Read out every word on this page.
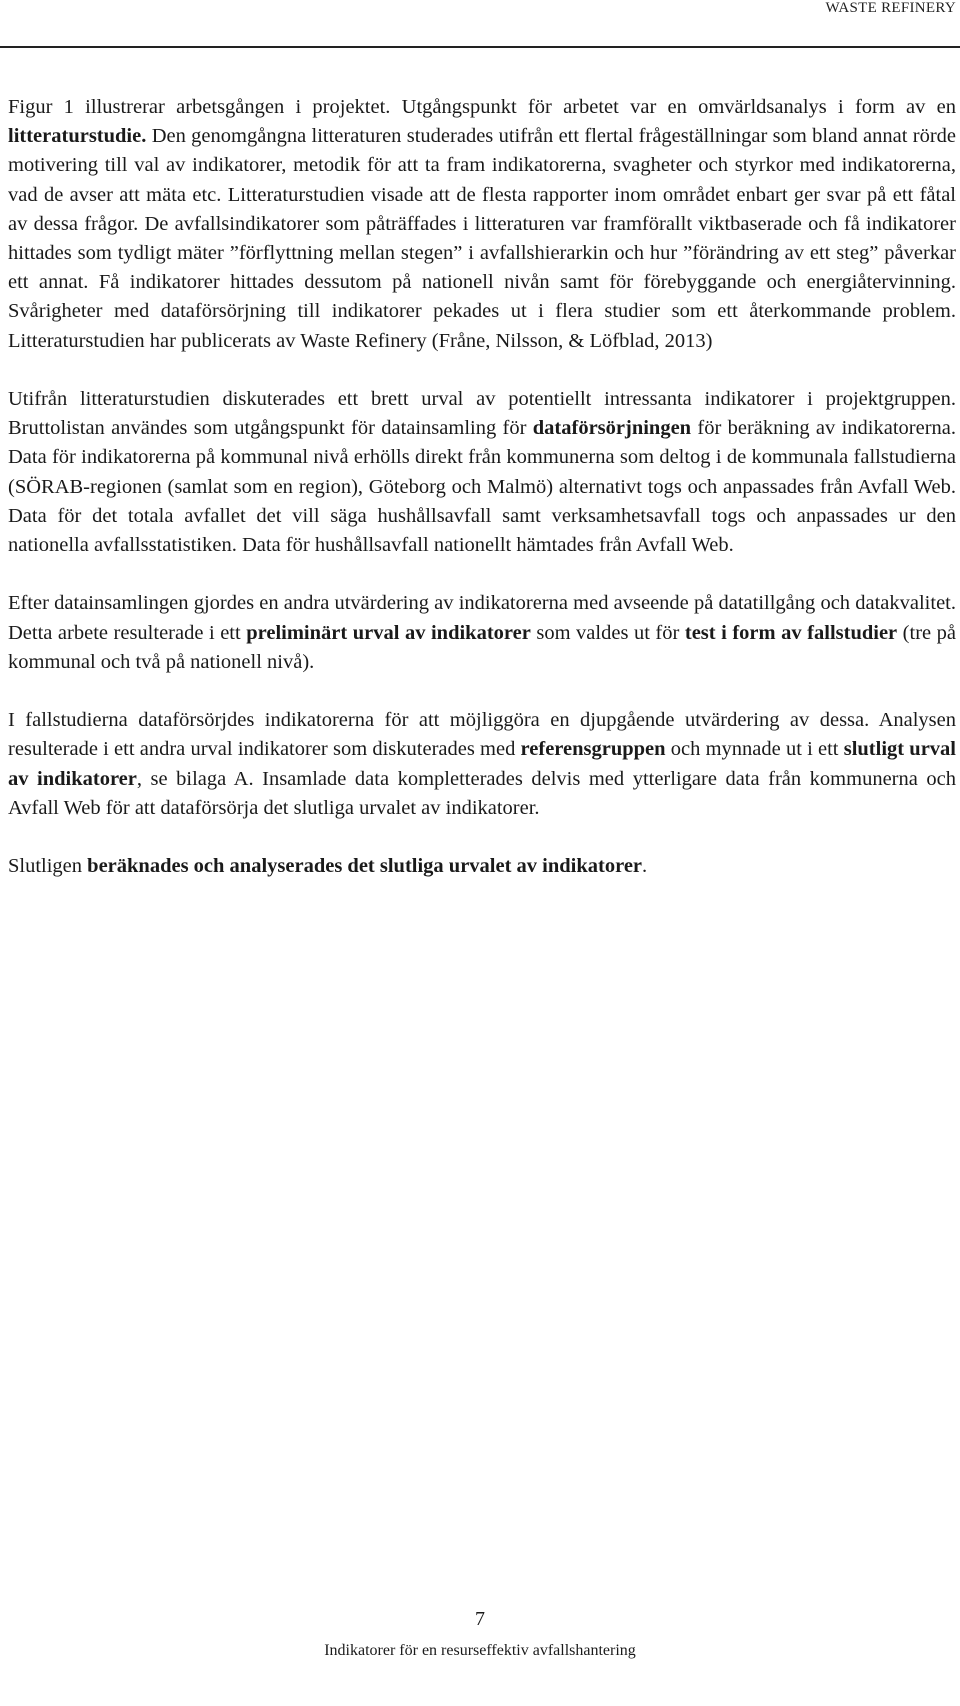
WASTE REFINERY

Figur 1 illustrerar arbetsgången i projektet. Utgångspunkt för arbetet var en omvärldsanalys i form av en litteraturstudie. Den genomgångna litteraturen studerades utifrån ett flertal frågeställningar som bland annat rörde motivering till val av indikatorer, metodik för att ta fram indikatorerna, svagheter och styrkor med indikatorerna, vad de avser att mäta etc. Litteraturstudien visade att de flesta rapporter inom området enbart ger svar på ett fåtal av dessa frågor. De avfallsindikatorer som påträffades i litteraturen var framförallt viktbaserade och få indikatorer hittades som tydligt mäter ”förflyttning mellan stegen” i avfallshierarkin och hur ”förändring av ett steg” påverkar ett annat. Få indikatorer hittades dessutom på nationell nivån samt för förebyggande och energiåtervinning. Svårigheter med dataförsörjning till indikatorer pekades ut i flera studier som ett återkommande problem. Litteraturstudien har publicerats av Waste Refinery (Fråne, Nilsson, & Löfblad, 2013)

Utifrån litteraturstudien diskuterades ett brett urval av potentiellt intressanta indikatorer i projektgruppen. Bruttolistan användes som utgångspunkt för datainsamling för dataförsörjningen för beräkning av indikatorerna. Data för indikatorerna på kommunal nivå erhölls direkt från kommunerna som deltog i de kommunala fallstudierna (SÖRAB-regionen (samlat som en region), Göteborg och Malmö) alternativt togs och anpassades från Avfall Web. Data för det totala avfallet det vill säga hushållsavfall samt verksamhetsavfall togs och anpassades ur den nationella avfallsstatistiken. Data för hushållsavfall nationellt hämtades från Avfall Web.

Efter datainsamlingen gjordes en andra utvärdering av indikatorerna med avseende på datatillgång och datakvalitet. Detta arbete resulterade i ett preliminärt urval av indikatorer som valdes ut för test i form av fallstudier (tre på kommunal och två på nationell nivå).

I fallstudierna dataförsörjdes indikatorerna för att möjliggöra en djupgående utvärdering av dessa. Analysen resulterade i ett andra urval indikatorer som diskuterades med referensgruppen och mynnade ut i ett slutligt urval av indikatorer, se bilaga A. Insamlade data kompletterades delvis med ytterligare data från kommunerna och Avfall Web för att dataförsörja det slutliga urvalet av indikatorer.

Slutligen beräknades och analyserades det slutliga urvalet av indikatorer.

7
Indikatorer för en resurseffektiv avfallshantering
